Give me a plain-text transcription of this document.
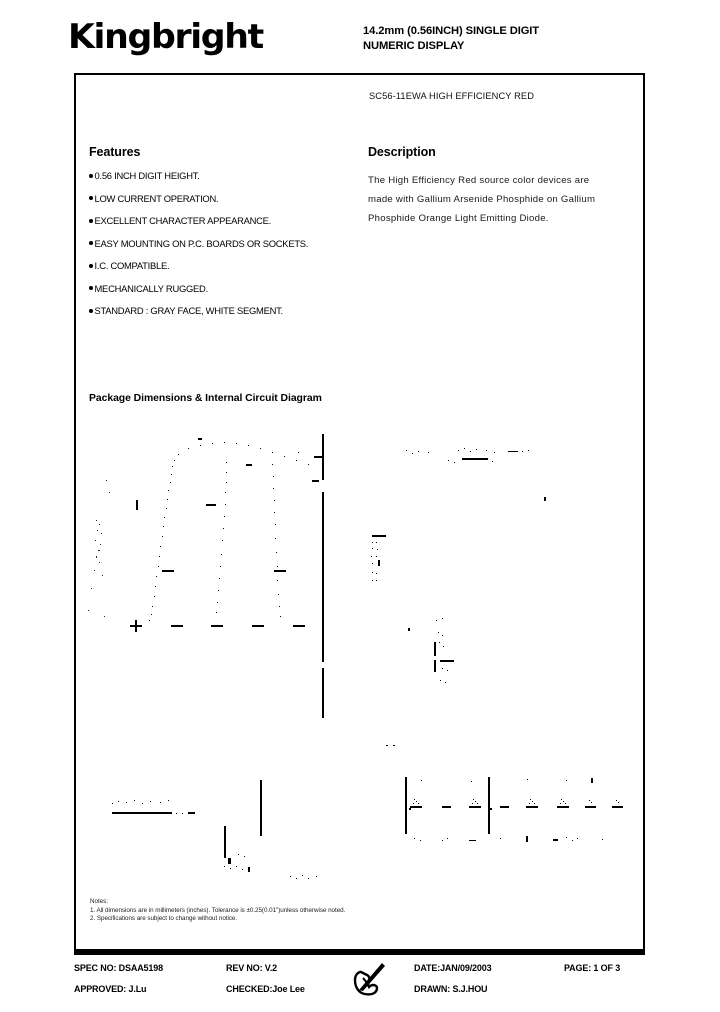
Kingbright	14.2mm (0.56INCH) SINGLE DIGIT
NUMERIC DISPLAY
SC56-11EWA HIGH EFFICIENCY RED
Features
0.56 INCH DIGIT HEIGHT.
LOW CURRENT OPERATION.
EXCELLENT CHARACTER APPEARANCE.
EASY MOUNTING ON P.C. BOARDS OR SOCKETS.
I.C. COMPATIBLE.
MECHANICALLY RUGGED.
STANDARD : GRAY FACE, WHITE SEGMENT.
Description
The High Efficiency Red source color devices are
made with Gallium Arsenide Phosphide on Gallium
Phosphide Orange Light Emitting Diode.
Package Dimensions & Internal Circuit Diagram
Notes:
1. All dimensions are in millimeters (inches). Tolerance is ±0.25(0.01")unless otherwise noted.
2. Specifications are subject to change without notice.
SPEC NO: DSAA5198
APPROVED: J.Lu
REV NO: V.2
CHECKED:Joe Lee
DATE:JAN/09/2003
DRAWN: S.J.HOU
PAGE: 1 OF 3
